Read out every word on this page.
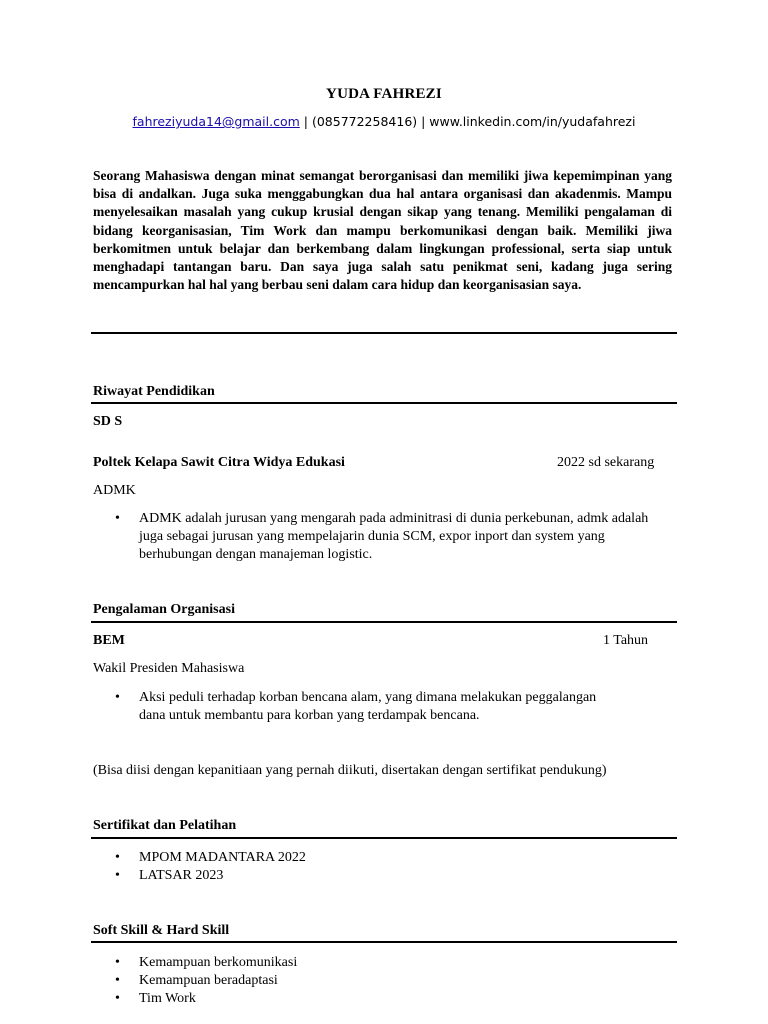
YUDA FAHREZI
fahreziyuda14@gmail.com | (085772258416) | www.linkedin.com/in/yudafahrezi
Seorang Mahasiswa dengan minat semangat berorganisasi dan memiliki jiwa kepemimpinan yang bisa di andalkan. Juga suka menggabungkan dua hal antara organisasi dan akadenmis. Mampu menyelesaikan masalah yang cukup krusial dengan sikap yang tenang. Memiliki pengalaman di bidang keorganisasian, Tim Work dan mampu berkomunikasi dengan baik. Memiliki jiwa berkomitmen untuk belajar dan berkembang dalam lingkungan professional, serta siap untuk menghadapi tantangan baru. Dan saya juga salah satu penikmat seni, kadang juga sering mencampurkan hal hal yang berbau seni dalam cara hidup dan keorganisasian saya.
Riwayat Pendidikan
SD S
Poltek Kelapa Sawit Citra Widya Edukasi	2022 sd sekarang
ADMK
• ADMK adalah jurusan yang mengarah pada adminitrasi di dunia perkebunan, admk adalah juga sebagai jurusan yang mempelajarin dunia SCM, expor inport dan system yang berhubungan dengan manajeman logistic.
Pengalaman Organisasi
BEM	1 Tahun
Wakil Presiden Mahasiswa
• Aksi peduli terhadap korban bencana alam, yang dimana melakukan peggalangan dana untuk membantu para korban yang terdampak bencana.
(Bisa diisi dengan kepanitiaan yang pernah diikuti, disertakan dengan sertifikat pendukung)
Sertifikat dan Pelatihan
• MPOM MADANTARA 2022
• LATSAR 2023
Soft Skill & Hard Skill
• Kemampuan berkomunikasi
• Kemampuan beradaptasi
• Tim Work
